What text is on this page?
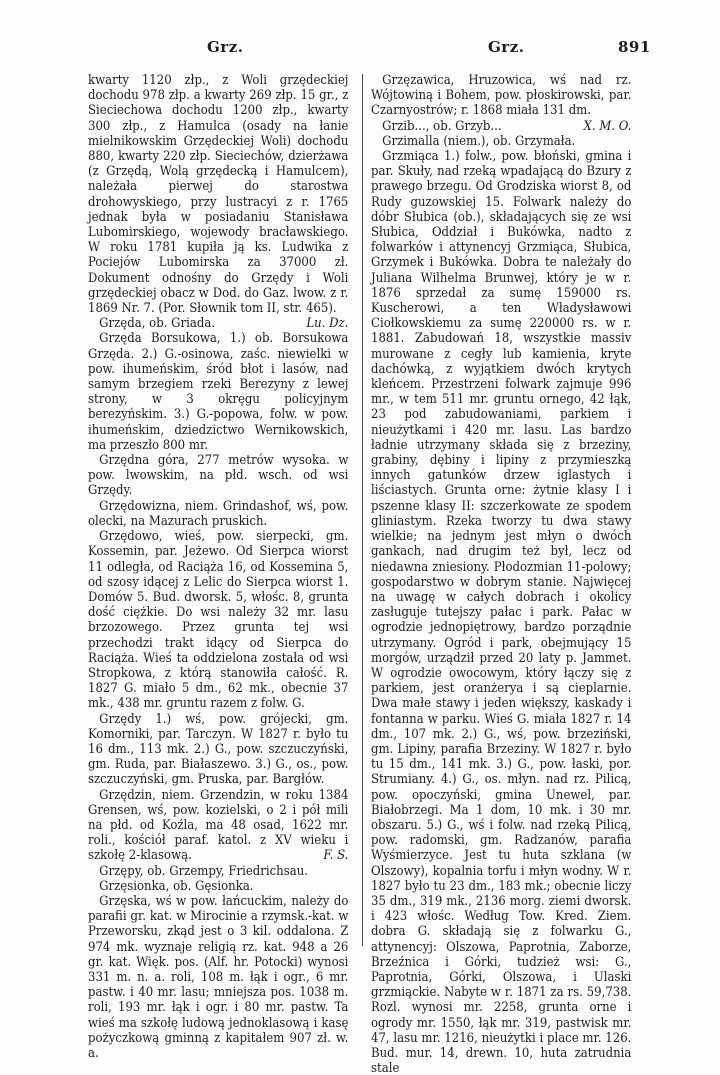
Grz.	Grz.	891

kwarty 1120 złp., z Woli grzędeckiej dochodu 978 złp. a kwarty 269 złp. 15 gr., z Sieciechowa dochodu 1200 złp., kwarty 300 złp., z Hamulca (osady na łanie mielnikowskim Grzędeckiej Woli) dochodu 880, kwarty 220 złp. Sieciechów, dzierżawa (z Grzędą, Wolą grzędecką i Hamulcem), należała pierwej do starostwa drohowyskiego, przy lustracyi z r. 1765 jednak była w posiadaniu Stanisława Lubomirskiego, wojewody bracławskiego. W roku 1781 kupiła ją ks. Ludwika z Pociejów Lubomirska za 37000 zł. Dokument odnośny do Grzędy i Woli grzędeckiej obacz w Dod. do Gaz. lwow. z r. 1869 Nr. 7. (Por. Słownik tom II, str. 465).
Lu. Dz.

Grzęda, ob. Griada.

Grzęda Borsukowa, 1.) ob. Borsukowa Grzęda. 2.) G.-osinowa, zaśc. niewielki w pow. ihumeńskim, śród błot i lasów, nad samym brzegiem rzeki Berezyny z lewej strony, w 3 okręgu policyjnym berezyńskim. 3.) G.-popowa, folw. w pow. ihumeńskim, dziedzictwo Wernikowskich, ma przeszło 800 mr.

Grzędna góra, 277 metrów wysoka. w pow. lwowskim, na płd. wsch. od wsi Grzędy.

Grzędowizna, niem. Grindashof, wś, pow. olecki, na Mazurach pruskich.

Grzędowo, wieś, pow. sierpecki, gm. Kossemin, par. Jeżewo. Od Sierpca wiorst 11 odległa, od Raciąża 16, od Kossemina 5, od szosy idącej z Lelic do Sierpca wiorst 1. Domów 5. Bud. dworsk. 5, włośc. 8, grunta dość ciężkie. Do wsi należy 32 mr. lasu brzozowego. Przez grunta tej wsi przechodzi trakt idący od Sierpca do Raciąża. Wieś ta oddzielona została od wsi Stropkowa, z którą stanowiła całość. R. 1827 G. miało 5 dm., 62 mk., obecnie 37 mk., 438 mr. gruntu razem z folw. G.

Grzędy 1.) wś, pow. grójecki, gm. Komorniki, par. Tarczyn. W 1827 r. było tu 16 dm., 113 mk. 2.) G., pow. szczuczyński, gm. Ruda, par. Białaszewo. 3.) G., os., pow. szczuczyński, gm. Pruska, par. Bargłów.

Grzędzin, niem. Grzendzin, w roku 1384 Grensen, wś, pow. kozielski, o 2 i pół mili na płd. od Koźla, ma 48 osad, 1622 mr. roli., kościół paraf. katol. z XV wieku i szkołę 2-klasową.	F. S.

Grzępy, ob. Grzempy, Friedrichsau.

Grzęsionka, ob. Gęsionka.

Grzęska, wś w pow. łańcuckim, należy do parafii gr. kat. w Mirocinie a rzymsk.-kat. w Przeworsku, zkąd jest o 3 kil. oddalona. Z 974 mk. wyznaje religią rz. kat. 948 a 26 gr. kat. Więk. pos. (Alf. hr. Potocki) wynosi 331 m. n. a. roli, 108 m. łąk i ogr., 6 mr. pastw. i 40 mr. lasu; mniejsza pos. 1038 m. roli, 193 mr. łąk i ogr. i 80 mr. pastw. Ta wieś ma szkołę ludową jednoklasową i kasę pożyczkową gminną z kapitałem 907 zł. w. a.

Grzęzawica, Hruzowica, wś nad rz. Wójtowiną i Bohem, pow. płoskirowski, par. Czarnyostrów; r. 1868 miała 131 dm.
X. M. O.

Grzib..., ob. Grzyb...

Grzimalla (niem.), ob. Grzymała.

Grzmiąca 1.) folw., pow. błoński, gmina i par. Skuły, nad rzeką wpadającą do Bzury z prawego brzegu. Od Grodziska wiorst 8, od Rudy guzowskiej 15. Folwark należy do dóbr Słubica (ob.), składających się ze wsi Słubica, Oddział i Bukówka, nadto z folwarków i attynencyj Grzmiąca, Słubica, Grzymek i Bukówka. Dobra te należały do Juliana Wilhelma Brunwej, który je w r. 1876 sprzedał za sumę 159000 rs. Kuscherowi, a ten Władysławowi Ciołkowskiemu za sumę 220000 rs. w r. 1881. Zabudowań 18, wszystkie massiv murowane z cegły lub kamienia, kryte dachówką, z wyjątkiem dwóch krytych kleńcem. Przestrzeni folwark zajmuje 996 mr., w tem 511 mr. gruntu ornego, 42 łąk, 23 pod zabudowaniami, parkiem i nieużytkami i 420 mr. lasu. Las bardzo ładnie utrzymany składa się z brzeziny, grabiny, dębiny i lipiny z przymieszką innych gatunków drzew iglastych i liściastych. Grunta orne: żytnie klasy I i pszenne klasy II: szczerkowate ze spodem gliniastym. Rzeka tworzy tu dwa stawy wielkie; na jednym jest młyn o dwóch gankach, nad drugim też był, lecz od niedawna zniesiony. Płodozmian 11-polowy; gospodarstwo w dobrym stanie. Najwięcej na uwagę w całych dobrach i okolicy zasługuje tutejszy pałac i park. Pałac w ogrodzie jednopiętrowy, bardzo porządnie utrzymany. Ogród i park, obejmujący 15 morgów, urządził przed 20 laty p. Jammet. W ogrodzie owocowym, który łączy się z parkiem, jest oranżerya i są cieplarnie. Dwa małe stawy i jeden większy, kaskady i fontanna w parku. Wieś G. miała 1827 r. 14 dm., 107 mk. 2.) G., wś, pow. brzeziński, gm. Lipiny, parafia Brzeziny. W 1827 r. było tu 15 dm., 141 mk. 3.) G., pow. łaski, por. Strumiany. 4.) G., os. młyn. nad rz. Pilicą, pow. opoczyński, gmina Unewel, par. Białobrzegi. Ma 1 dom, 10 mk. i 30 mr. obszaru. 5.) G., wś i folw. nad rzeką Pilicą, pow. radomski, gm. Radzanów, parafia Wyśmierzyce. Jest tu huta szklana (w Olszowy), kopalnia torfu i młyn wodny. W r. 1827 było tu 23 dm., 183 mk.; obecnie liczy 35 dm., 319 mk., 2136 morg. ziemi dworsk. i 423 włośc. Według Tow. Kred. Ziem. dobra G. składają się z folwarku G., attynencyj: Olszowa, Paprotnia, Zaborze, Brzeźnica i Górki, tudzież wsi: G., Paprotnia, Górki, Olszowa, i Ulaski grzmiąckie. Nabyte w r. 1871 za rs. 59,738. Rozl. wynosi mr. 2258, grunta orne i ogrody mr. 1550, łąk mr. 319, pastwisk mr. 47, lasu mr. 1216, nieużytki i place mr. 126. Bud. mur. 14, drewn. 10, huta zatrudnia stale
